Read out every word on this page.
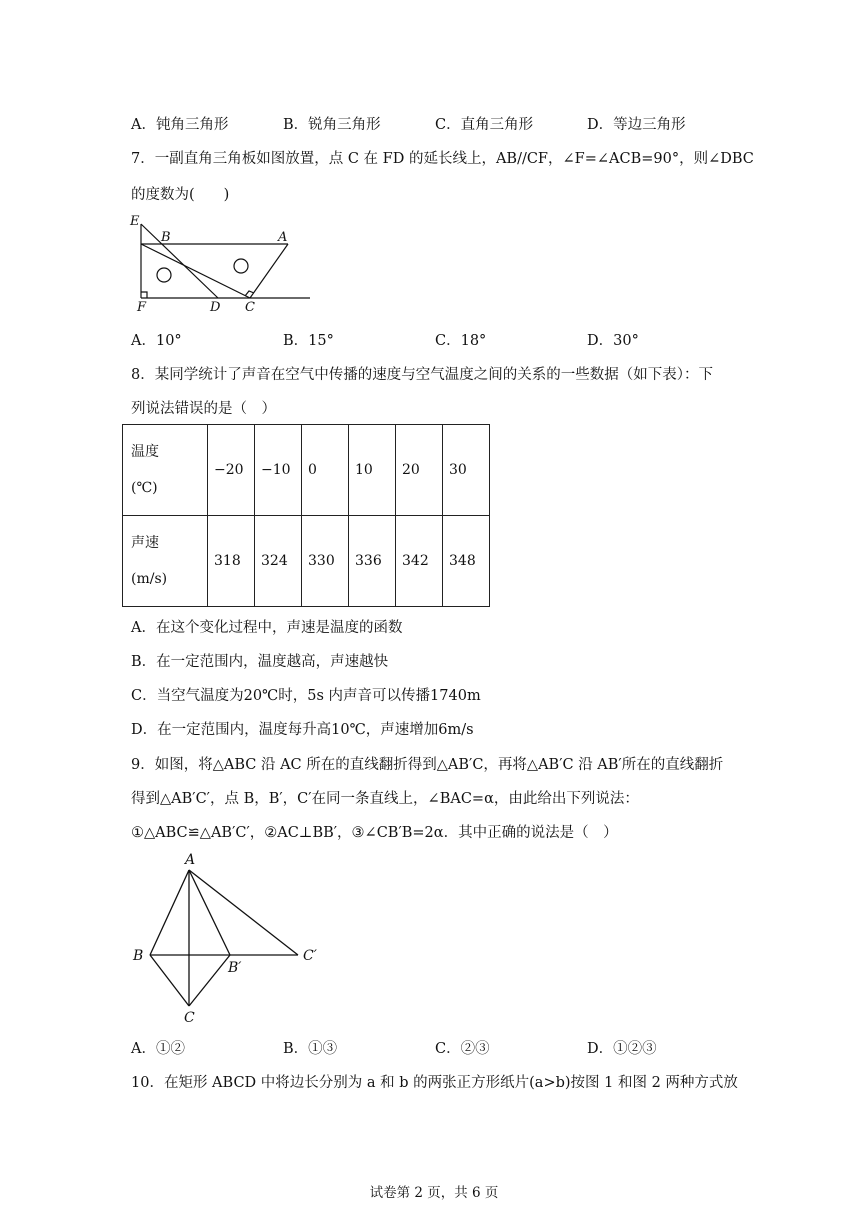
A．钝角三角形	B．锐角三角形	C．直角三角形	D．等边三角形
7．一副直角三角板如图放置，点 C 在 FD 的延长线上，AB//CF，∠F=∠ACB=90°，则∠DBC
的度数为(　　)
E
B	A
F	D C
A．10°	B．15°	C．18°	D．30°
8．某同学统计了声音在空气中传播的速度与空气温度之间的关系的一些数据（如下表）：下
列说法错误的是（　）
温度
(℃)	−20	−10	0	10	20	30

声速
(m/s)	318	324	330	336	342	348
A．在这个变化过程中，声速是温度的函数
B．在一定范围内，温度越高，声速越快
C．当空气温度为20℃时，5s 内声音可以传播1740m
D．在一定范围内，温度每升高10℃，声速增加6m/s
9．如图，将△ABC 沿 AC 所在的直线翻折得到△AB′C，再将△AB′C 沿 AB′所在的直线翻折
得到△AB′C′，点 B，B′，C′在同一条直线上，∠BAC=α，由此给出下列说法：
①△ABC≌△AB′C′，②AC⊥BB′，③∠CB′B=2α．其中正确的说法是（　）
A
B
B′
C′
C
A．①②	B．①③	C．②③	D．①②③
10．在矩形 ABCD 中将边长分别为 a 和 b 的两张正方形纸片(a>b)按图 1 和图 2 两种方式放
试卷第 2 页，共 6 页
